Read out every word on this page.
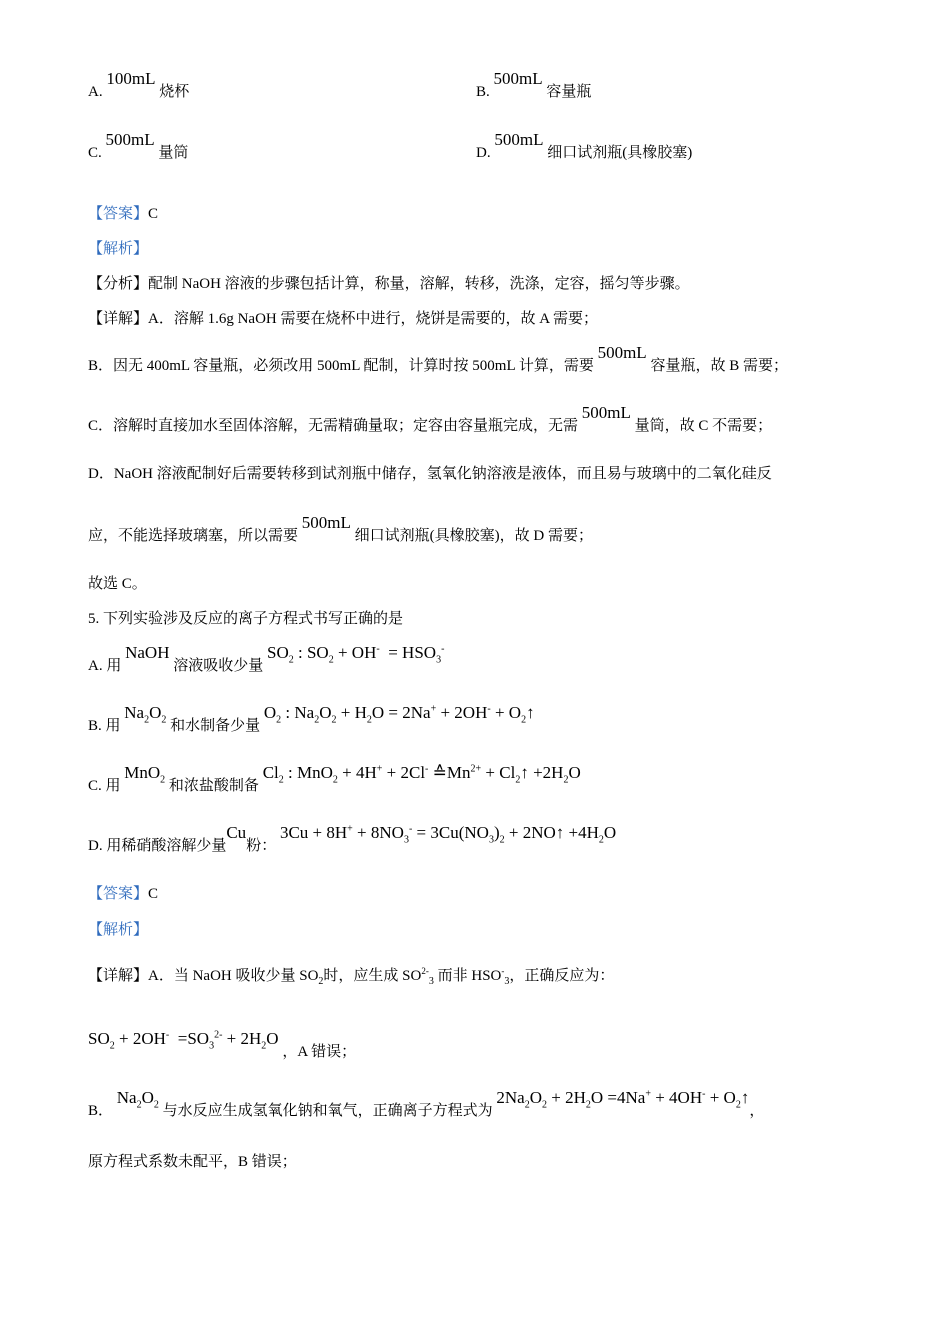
A. 100mL 烧杯	B. 500mL 容量瓶
C. 500mL 量筒	D. 500mL 细口试剂瓶(具橡胶塞)
【答案】C
【解析】
【分析】配制 NaOH 溶液的步骤包括计算，称量，溶解，转移，洗涤，定容，摇匀等步骤。
【详解】A．溶解 1.6g NaOH 需要在烧杯中进行，烧饼是需要的，故 A 需要；
B．因无 400mL 容量瓶，必须改用 500mL 配制，计算时按 500mL 计算，需要 500mL 容量瓶，故 B 需要；
C．溶解时直接加水至固体溶解，无需精确量取；定容由容量瓶完成，无需 500mL 量筒，故 C 不需要；
D．NaOH 溶液配制好后需要转移到试剂瓶中储存，氢氧化钠溶液是液体，而且易与玻璃中的二氧化硅反
应，不能选择玻璃塞，所以需要 500mL 细口试剂瓶(具橡胶塞)，故 D 需要；
故选 C。
5. 下列实验涉及反应的离子方程式书写正确的是
A. 用 NaOH 溶液吸收少量 $SO_2$ : $SO_2 + OH^- = HSO_3^-$
B. 用 $Na_2O_2$ 和水制备少量 $O_2$ : $Na_2O_2 + H_2O = 2Na^+ + 2OH^-$ + $O_2↑$
C. 用 MnO$_2$ 和浓盐酸制备 $Cl_2$ : MnO$_2$ + 4H+ + 2Cl- $≙Mn^{2+}$ + $Cl_2↑ +2H_2O$
D. 用稀硝酸溶解少量Cu粉： $3Cu + 8H^+ + 8NO_3^- = 3Cu(NO_3)_2$ + 2NO↑ $+4H_2O$
【答案】C
【解析】
【详解】A．当 NaOH 吸收少量 $SO_2$时，应生成 $SO^{2-}_3$ 而非 $HSO^-_3$，正确反应为：
$SO_2 + 2OH^- =SO_3^{2-} + 2H_2O$ ，A 错误；
B． $Na_2O_2$ 与水反应生成氢氧化钠和氧气，正确离子方程式为 $2Na_2O_2 + 2H_2O =4Na^+ + 4OH^-$ + $O_2↑$，
原方程式系数未配平，B 错误；
